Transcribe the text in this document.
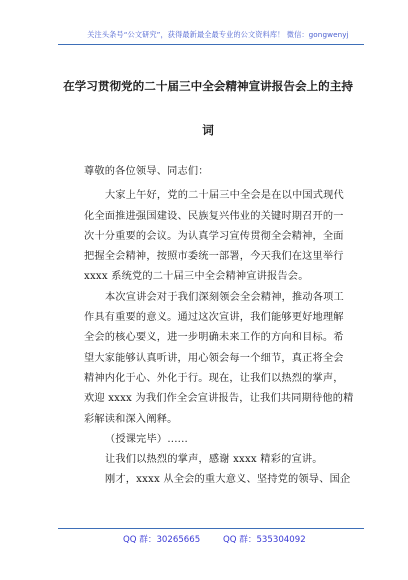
关注头条号“公文研究”，获得最新最全最专业的公文资料库！ 微信：gongwenyj
在学习贯彻党的二十届三中全会精神宣讲报告会上的主持
词
尊敬的各位领导、同志们：
大家上午好，党的二十届三中全会是在以中国式现代
化全面推进强国建设、民族复兴伟业的关键时期召开的一
次十分重要的会议。为认真学习宣传贯彻全会精神，全面
把握全会精神，按照市委统一部署，今天我们在这里举行
xxxx 系统党的二十届三中全会精神宣讲报告会。
本次宣讲会对于我们深刻领会全会精神，推动各项工
作具有重要的意义。通过这次宣讲，我们能够更好地理解
全会的核心要义，进一步明确未来工作的方向和目标。希
望大家能够认真听讲，用心领会每一个细节，真正将全会
精神内化于心、外化于行。现在，让我们以热烈的掌声，
欢迎 xxxx 为我们作全会宣讲报告，让我们共同期待他的精
彩解读和深入阐释。
（授课完毕）......
让我们以热烈的掌声，感谢 xxxx 精彩的宣讲。
刚才，xxxx 从全会的重大意义、坚持党的领导、国企
QQ 群：30265665	QQ 群：535304092
